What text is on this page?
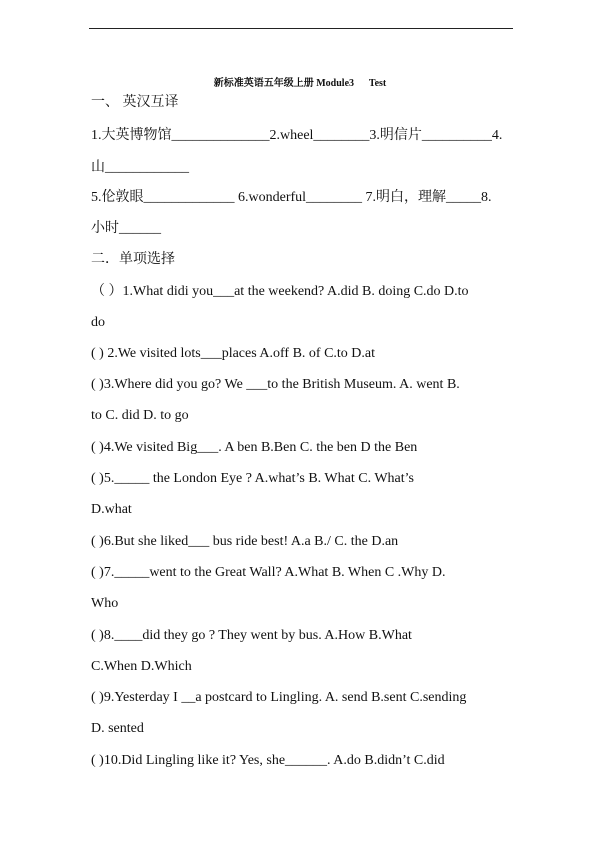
新标准英语五年级上册 Module3      Test
一、 英汉互译
1.大英博物馆______________2.wheel________3.明信片__________4.
山____________
5.伦敦眼_____________ 6.wonderful________ 7.明白，理解_____8.
小时______
二．单项选择
（ ）1.What didi you___at the weekend? A.did B. doing C.do D.to
do
( ) 2.We visited lots___places A.off B. of C.to D.at
( )3.Where did you go? We ___to the British Museum. A. went B.
to C. did D. to go
( )4.We visited Big___. A ben B.Ben C. the ben D the Ben
( )5._____ the London Eye ? A.what’s B. What C. What’s
D.what
( )6.But she liked___ bus ride best! A.a B./ C. the D.an
( )7._____went to the Great Wall? A.What B. When C .Why D.
Who
( )8.____did they go ? They went by bus. A.How B.What
C.When D.Which
( )9.Yesterday I __a postcard to Lingling. A. send B.sent C.sending
D. sented
( )10.Did Lingling like it? Yes, she______. A.do B.didn’t C.did
